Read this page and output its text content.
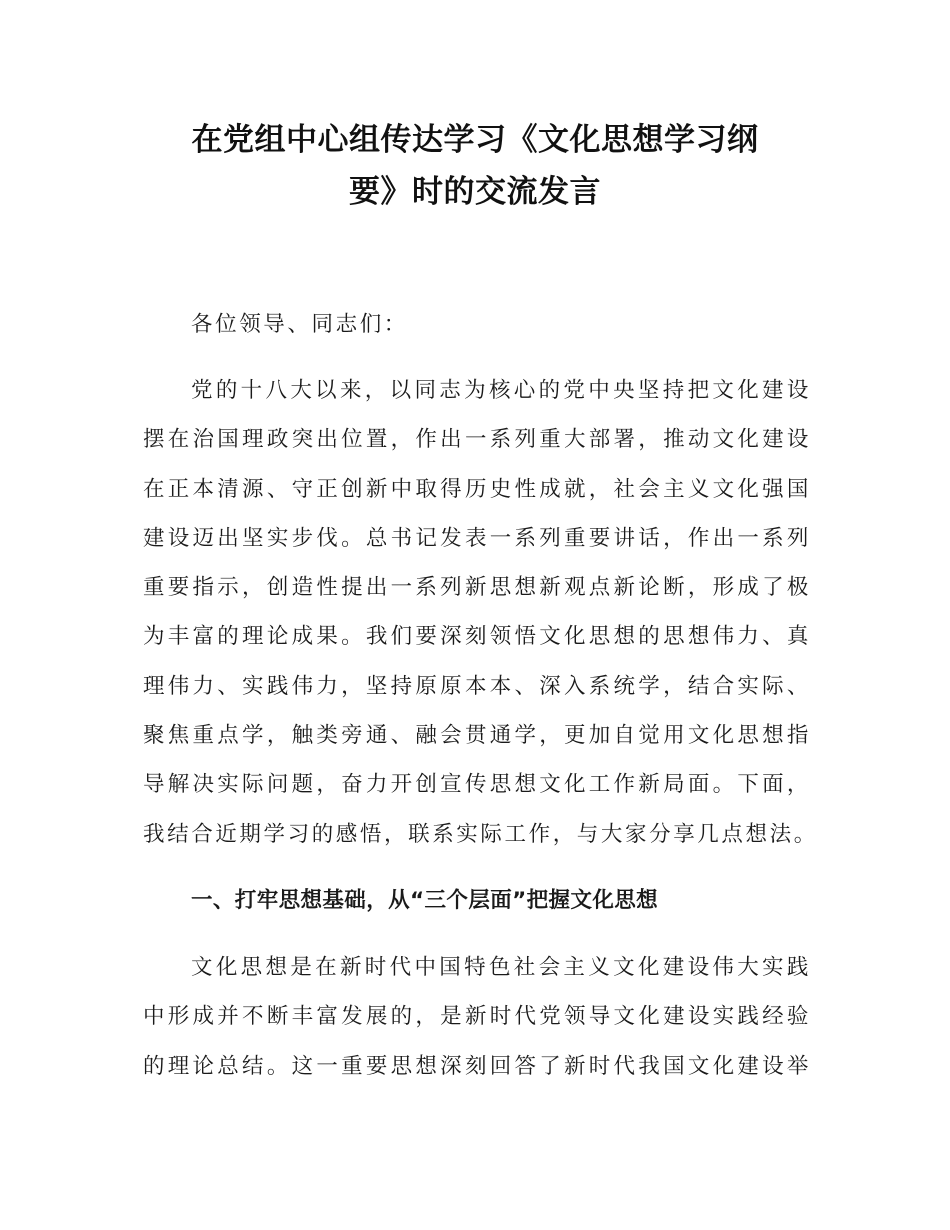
在党组中心组传达学习《文化思想学习纲
要》时的交流发言

各位领导、同志们：

党的十八大以来，以同志为核心的党中央坚持把文化建设
摆在治国理政突出位置，作出一系列重大部署，推动文化建设
在正本清源、守正创新中取得历史性成就，社会主义文化强国
建设迈出坚实步伐。总书记发表一系列重要讲话，作出一系列
重要指示，创造性提出一系列新思想新观点新论断，形成了极
为丰富的理论成果。我们要深刻领悟文化思想的思想伟力、真
理伟力、实践伟力，坚持原原本本、深入系统学，结合实际、
聚焦重点学，触类旁通、融会贯通学，更加自觉用文化思想指
导解决实际问题，奋力开创宣传思想文化工作新局面。下面，
我结合近期学习的感悟，联系实际工作，与大家分享几点想法。
一、打牢思想基础，从“三个层面”把握文化思想
文化思想是在新时代中国特色社会主义文化建设伟大实践
中形成并不断丰富发展的，是新时代党领导文化建设实践经验
的理论总结。这一重要思想深刻回答了新时代我国文化建设举
